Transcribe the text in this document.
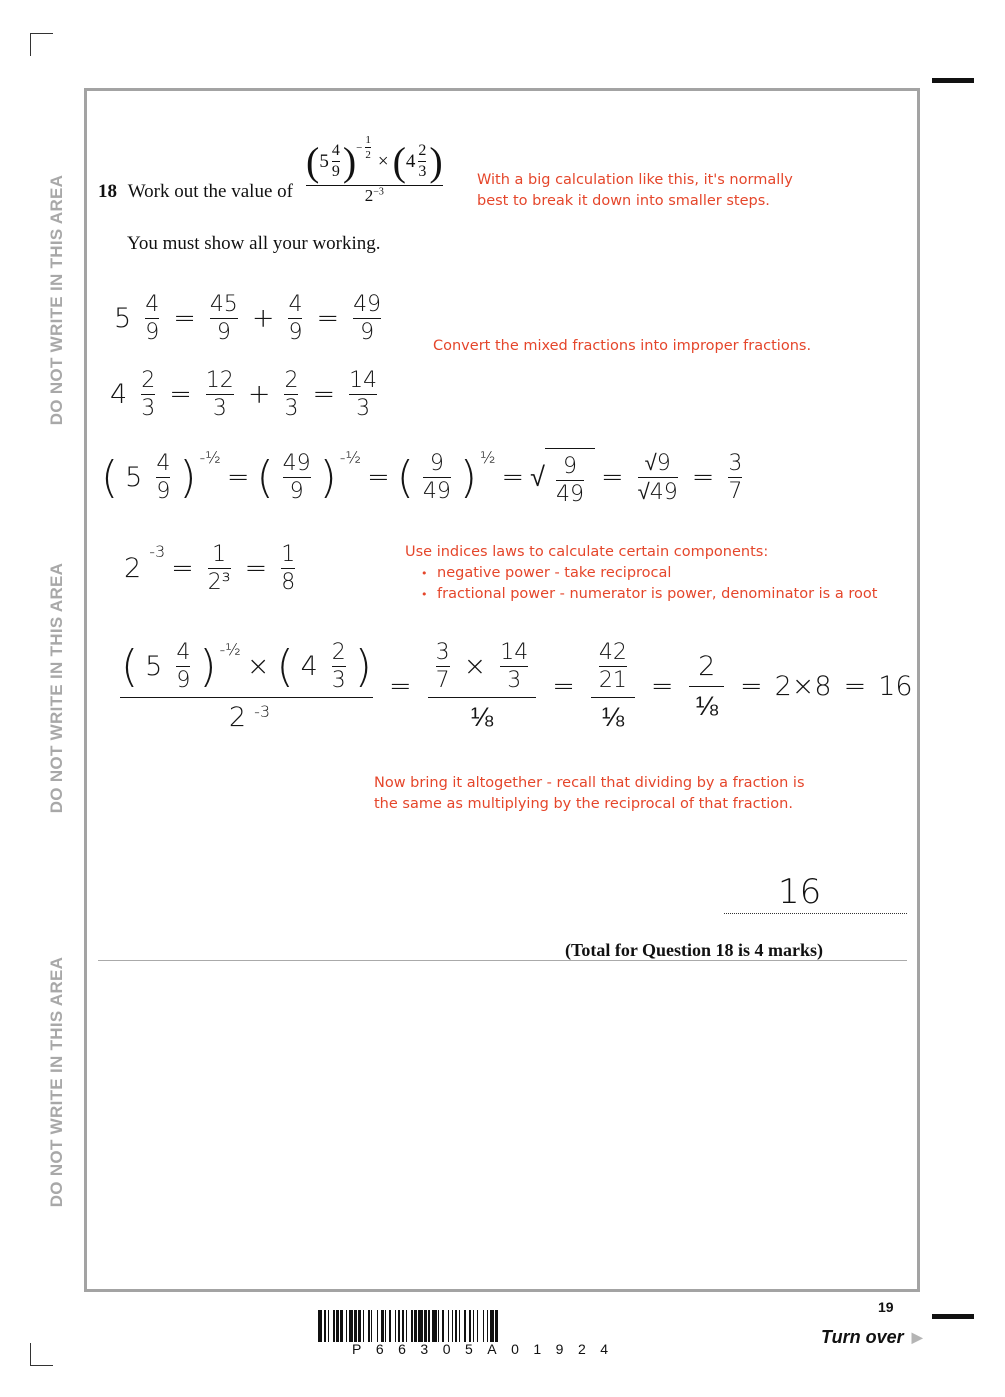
DO NOT WRITE IN THIS AREA
DO NOT WRITE IN THIS AREA
DO NOT WRITE IN THIS AREA
18 Work out the value of
( $5 \frac{4}{9}$ ) − $\frac{1}{2}$ × ( $4 \frac{2}{3}$ )
$2^{-3}$
You must show all your working.
With a big calculation like this, it's normally
best to break it down into smaller steps.
Convert the mixed fractions into improper fractions.
Use indices laws to calculate certain components:
• negative power - take reciprocal
• fractional power - numerator is power, denominator is a root
Now bring it altogether - recall that dividing by a fraction is
the same as multiplying by the reciprocal of that fraction.
5 4
9 = 45
9 + 4
9 = 49
9
4 2
3 = 12
3 + 2
3 = 14
3
( 5 4
9 ) -½
= ( 49
9 ) -½
= ( 9
49 ) ½
= √ $\frac{9}{49} = √9$
√49 = 3
7
2
-3
= 1
2³ = 1
8
( 5 4
9 ) -½
× ( 4 2
3 )
2 -3
=
3
7 × 14
3
⅛
=
42
21
⅛
=
2
⅛
= 2×8 = 16
16
(Total for Question 18 is 4 marks)
P66305A01924
19
Turn over ▶
